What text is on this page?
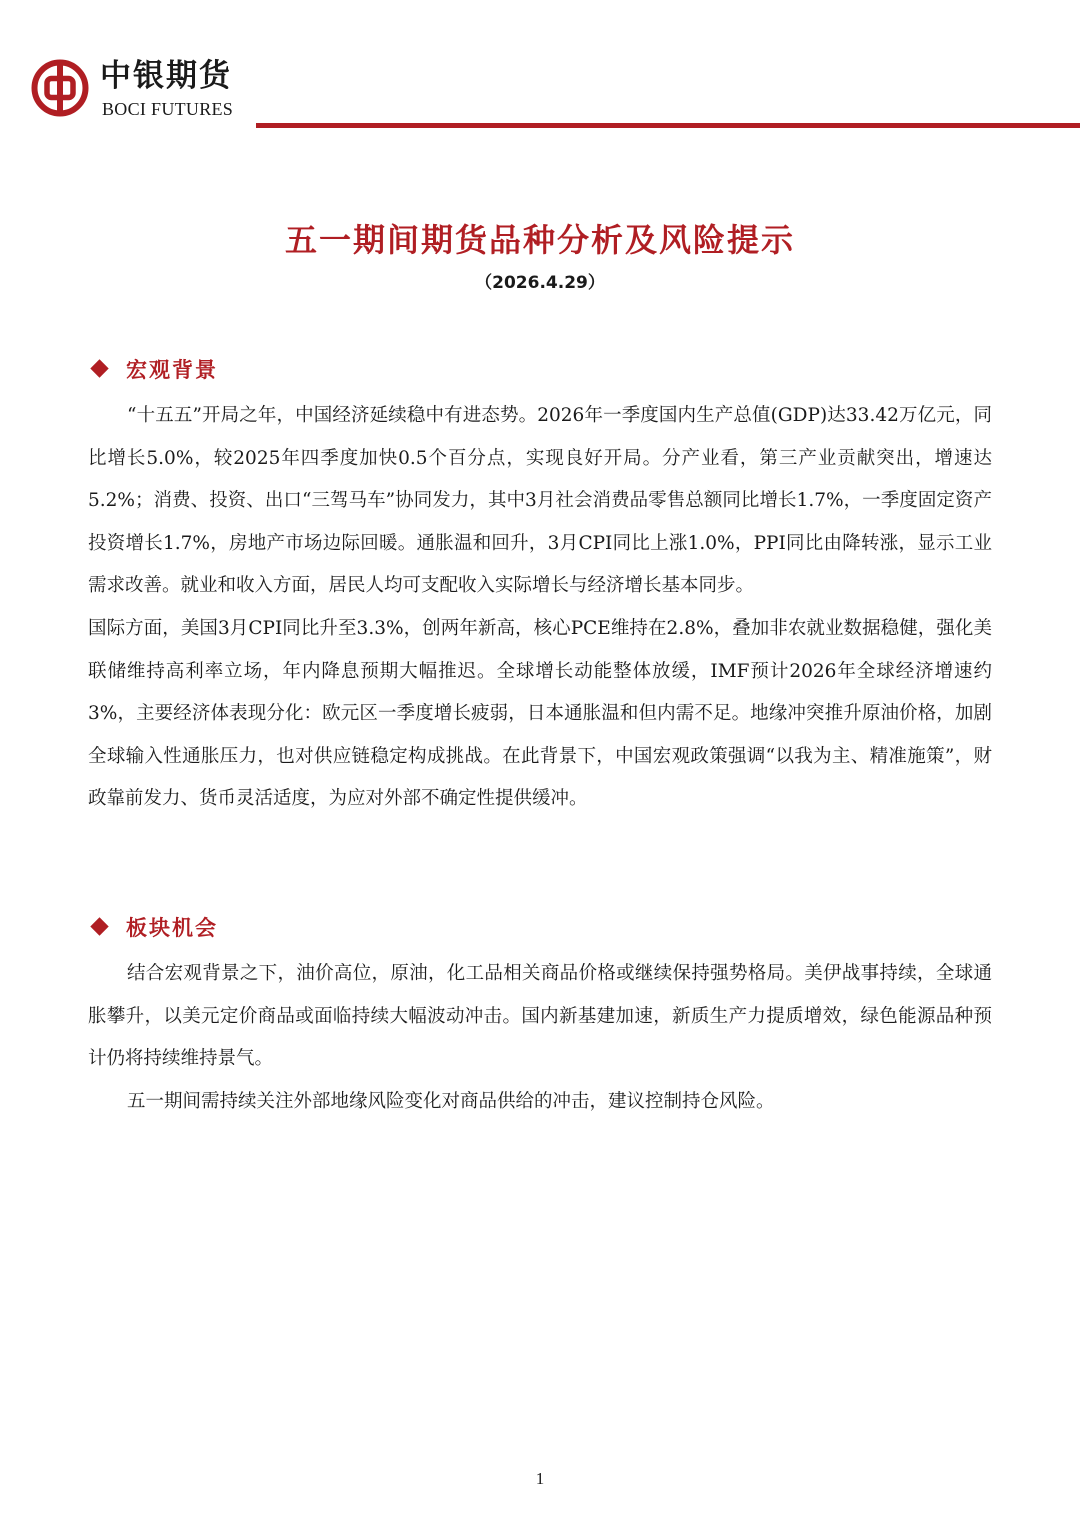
中银期货
BOCI FUTURES
五一期间期货品种分析及风险提示
（2026.4.29）
宏观背景

“十五五”开局之年，中国经济延续稳中有进态势。2026年一季度国内生产总值(GDP)达33.42万亿元，同比增长5.0%，较2025年四季度加快0.5个百分点，实现良好开局。分产业看，第三产业贡献突出，增速达5.2%；消费、投资、出口“三驾马车”协同发力，其中3月社会消费品零售总额同比增长1.7%，一季度固定资产投资增长1.7%，房地产市场边际回暖。通胀温和回升，3月CPI同比上涨1.0%，PPI同比由降转涨，显示工业需求改善。就业和收入方面，居民人均可支配收入实际增长与经济增长基本同步。

国际方面，美国3月CPI同比升至3.3%，创两年新高，核心PCE维持在2.8%，叠加非农就业数据稳健，强化美联储维持高利率立场，年内降息预期大幅推迟。全球增长动能整体放缓，IMF预计2026年全球经济增速约3%，主要经济体表现分化：欧元区一季度增长疲弱，日本通胀温和但内需不足。地缘冲突推升原油价格，加剧全球输入性通胀压力，也对供应链稳定构成挑战。在此背景下，中国宏观政策强调“以我为主、精准施策”，财政靠前发力、货币灵活适度，为应对外部不确定性提供缓冲。

板块机会

结合宏观背景之下，油价高位，原油，化工品相关商品价格或继续保持强势格局。美伊战事持续，全球通胀攀升，以美元定价商品或面临持续大幅波动冲击。国内新基建加速，新质生产力提质增效，绿色能源品种预计仍将持续维持景气。

五一期间需持续关注外部地缘风险变化对商品供给的冲击，建议控制持仓风险。

1
